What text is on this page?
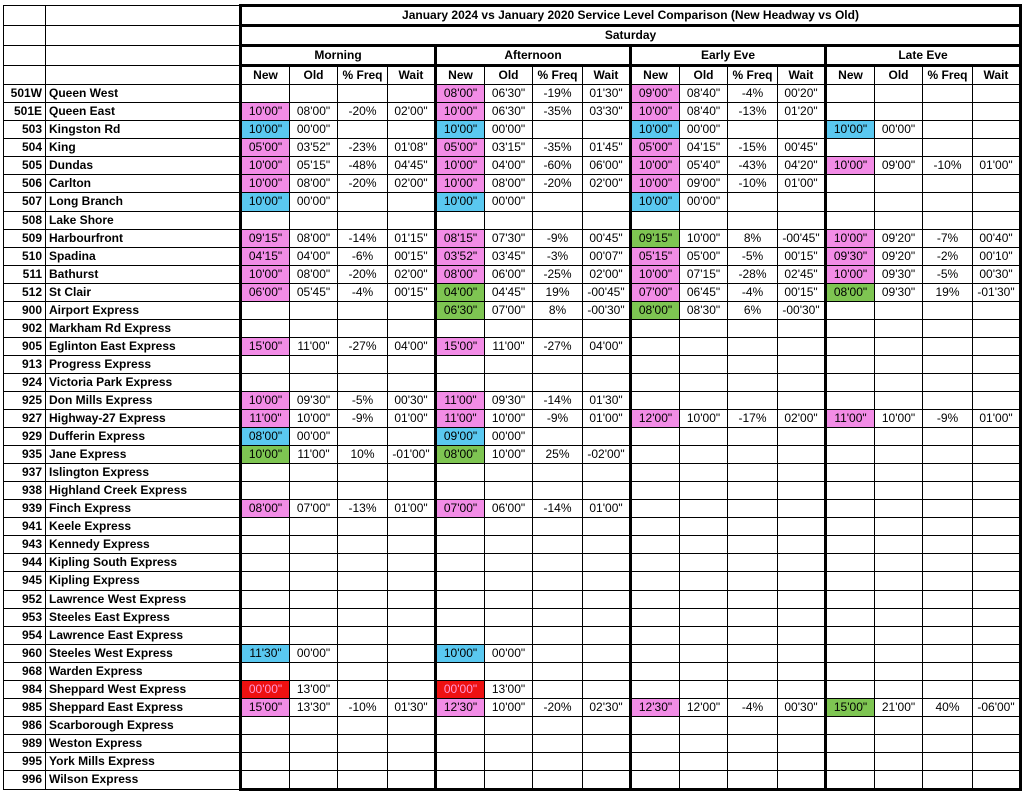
		January 2024 vs January 2020 Service Level Comparison (New Headway vs Old)															
		Saturday															
		Morning				Afternoon				Early Eve				Late Eve			
		New	Old	% Freq	Wait	New	Old	% Freq	Wait	New	Old	% Freq	Wait	New	Old	% Freq	Wait
501W	Queen West					08'00"	06'30"	-19%	01'30"	09'00"	08'40"	-4%	00'20"				
501E	Queen East	10'00"	08'00"	-20%	02'00"	10'00"	06'30"	-35%	03'30"	10'00"	08'40"	-13%	01'20"				
503	Kingston Rd	10'00"	00'00"			10'00"	00'00"			10'00"	00'00"			10'00"	00'00"		
504	King	05'00"	03'52"	-23%	01'08"	05'00"	03'15"	-35%	01'45"	05'00"	04'15"	-15%	00'45"				
505	Dundas	10'00"	05'15"	-48%	04'45"	10'00"	04'00"	-60%	06'00"	10'00"	05'40"	-43%	04'20"	10'00"	09'00"	-10%	01'00"
506	Carlton	10'00"	08'00"	-20%	02'00"	10'00"	08'00"	-20%	02'00"	10'00"	09'00"	-10%	01'00"				
507	Long Branch	10'00"	00'00"			10'00"	00'00"			10'00"	00'00"						
508	Lake Shore																
509	Harbourfront	09'15"	08'00"	-14%	01'15"	08'15"	07'30"	-9%	00'45"	09'15"	10'00"	8%	-00'45"	10'00"	09'20"	-7%	00'40"
510	Spadina	04'15"	04'00"	-6%	00'15"	03'52"	03'45"	-3%	00'07"	05'15"	05'00"	-5%	00'15"	09'30"	09'20"	-2%	00'10"
511	Bathurst	10'00"	08'00"	-20%	02'00"	08'00"	06'00"	-25%	02'00"	10'00"	07'15"	-28%	02'45"	10'00"	09'30"	-5%	00'30"
512	St Clair	06'00"	05'45"	-4%	00'15"	04'00"	04'45"	19%	-00'45"	07'00"	06'45"	-4%	00'15"	08'00"	09'30"	19%	-01'30"
900	Airport Express					06'30"	07'00"	8%	-00'30"	08'00"	08'30"	6%	-00'30"				
902	Markham Rd Express																
905	Eglinton East Express	15'00"	11'00"	-27%	04'00"	15'00"	11'00"	-27%	04'00"								
913	Progress Express																
924	Victoria Park Express																
925	Don Mills Express	10'00"	09'30"	-5%	00'30"	11'00"	09'30"	-14%	01'30"								
927	Highway-27 Express	11'00"	10'00"	-9%	01'00"	11'00"	10'00"	-9%	01'00"	12'00"	10'00"	-17%	02'00"	11'00"	10'00"	-9%	01'00"
929	Dufferin Express	08'00"	00'00"			09'00"	00'00"										
935	Jane Express	10'00"	11'00"	10%	-01'00"	08'00"	10'00"	25%	-02'00"								
937	Islington Express																
938	Highland Creek Express																
939	Finch Express	08'00"	07'00"	-13%	01'00"	07'00"	06'00"	-14%	01'00"								
941	Keele Express																
943	Kennedy Express																
944	Kipling South Express																
945	Kipling Express																
952	Lawrence West Express																
953	Steeles East Express																
954	Lawrence East Express																
960	Steeles West Express	11'30"	00'00"			10'00"	00'00"										
968	Warden Express																
984	Sheppard West Express	00'00"	13'00"			00'00"	13'00"										
985	Sheppard East Express	15'00"	13'30"	-10%	01'30"	12'30"	10'00"	-20%	02'30"	12'30"	12'00"	-4%	00'30"	15'00"	21'00"	40%	-06'00"
986	Scarborough Express																
989	Weston Express																
995	York Mills Express																
996	Wilson Express																
